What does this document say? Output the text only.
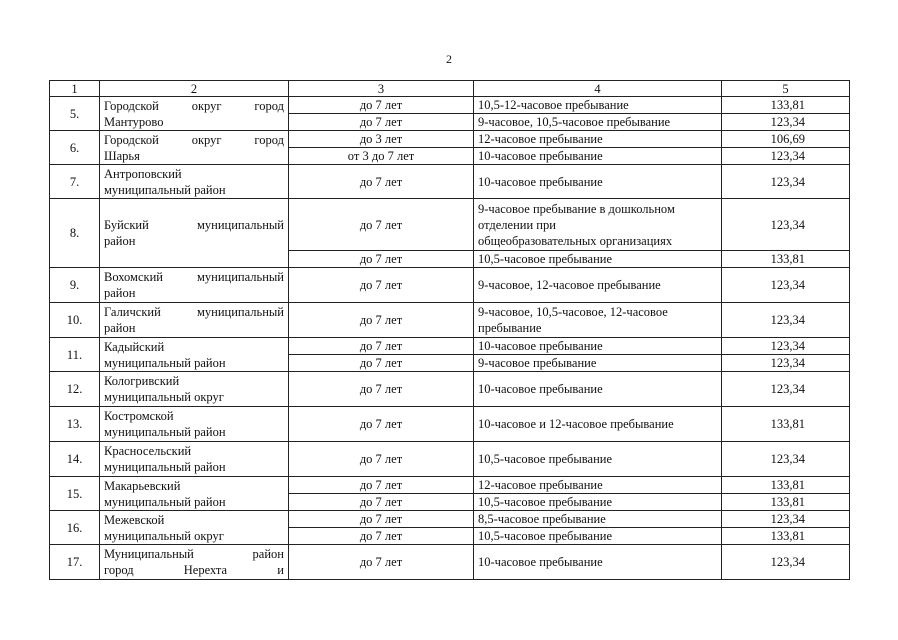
2
1	2	3	4	5
5.	Городской округ город
Мантурово	до 7 лет	10,5-12-часовое пребывание	133,81
		до 7 лет	9-часовое, 10,5-часовое пребывание	123,34
6.	Городской округ город
Шарья	до 3 лет	12-часовое пребывание	106,69
		от 3 до 7 лет	10-часовое пребывание	123,34
7.	Антроповский
муниципальный район	до 7 лет	10-часовое пребывание	123,34
8.	Буйский муниципальный
район	до 7 лет	9-часовое пребывание в дошкольном
отделении при
общеобразовательных организациях	123,34
		до 7 лет	10,5-часовое пребывание	133,81
9.	Вохомский муниципальный
район	до 7 лет	9-часовое, 12-часовое пребывание	123,34
10.	Галичский муниципальный
район	до 7 лет	9-часовое, 10,5-часовое, 12-часовое
пребывание	123,34
11.	Кадыйский
муниципальный район	до 7 лет	10-часовое пребывание	123,34
		до 7 лет	9-часовое пребывание	123,34
12.	Кологривский
муниципальный округ	до 7 лет	10-часовое пребывание	123,34
13.	Костромской
муниципальный район	до 7 лет	10-часовое и 12-часовое пребывание	133,81
14.	Красносельский
муниципальный район	до 7 лет	10,5-часовое пребывание	123,34
15.	Макарьевский
муниципальный район	до 7 лет	12-часовое пребывание	133,81
		до 7 лет	10,5-часовое пребывание	133,81
16.	Межевской
муниципальный округ	до 7 лет	8,5-часовое пребывание	123,34
		до 7 лет	10,5-часовое пребывание	133,81
17.	Муниципальный район
город Нерехта и	до 7 лет	10-часовое пребывание	123,34
